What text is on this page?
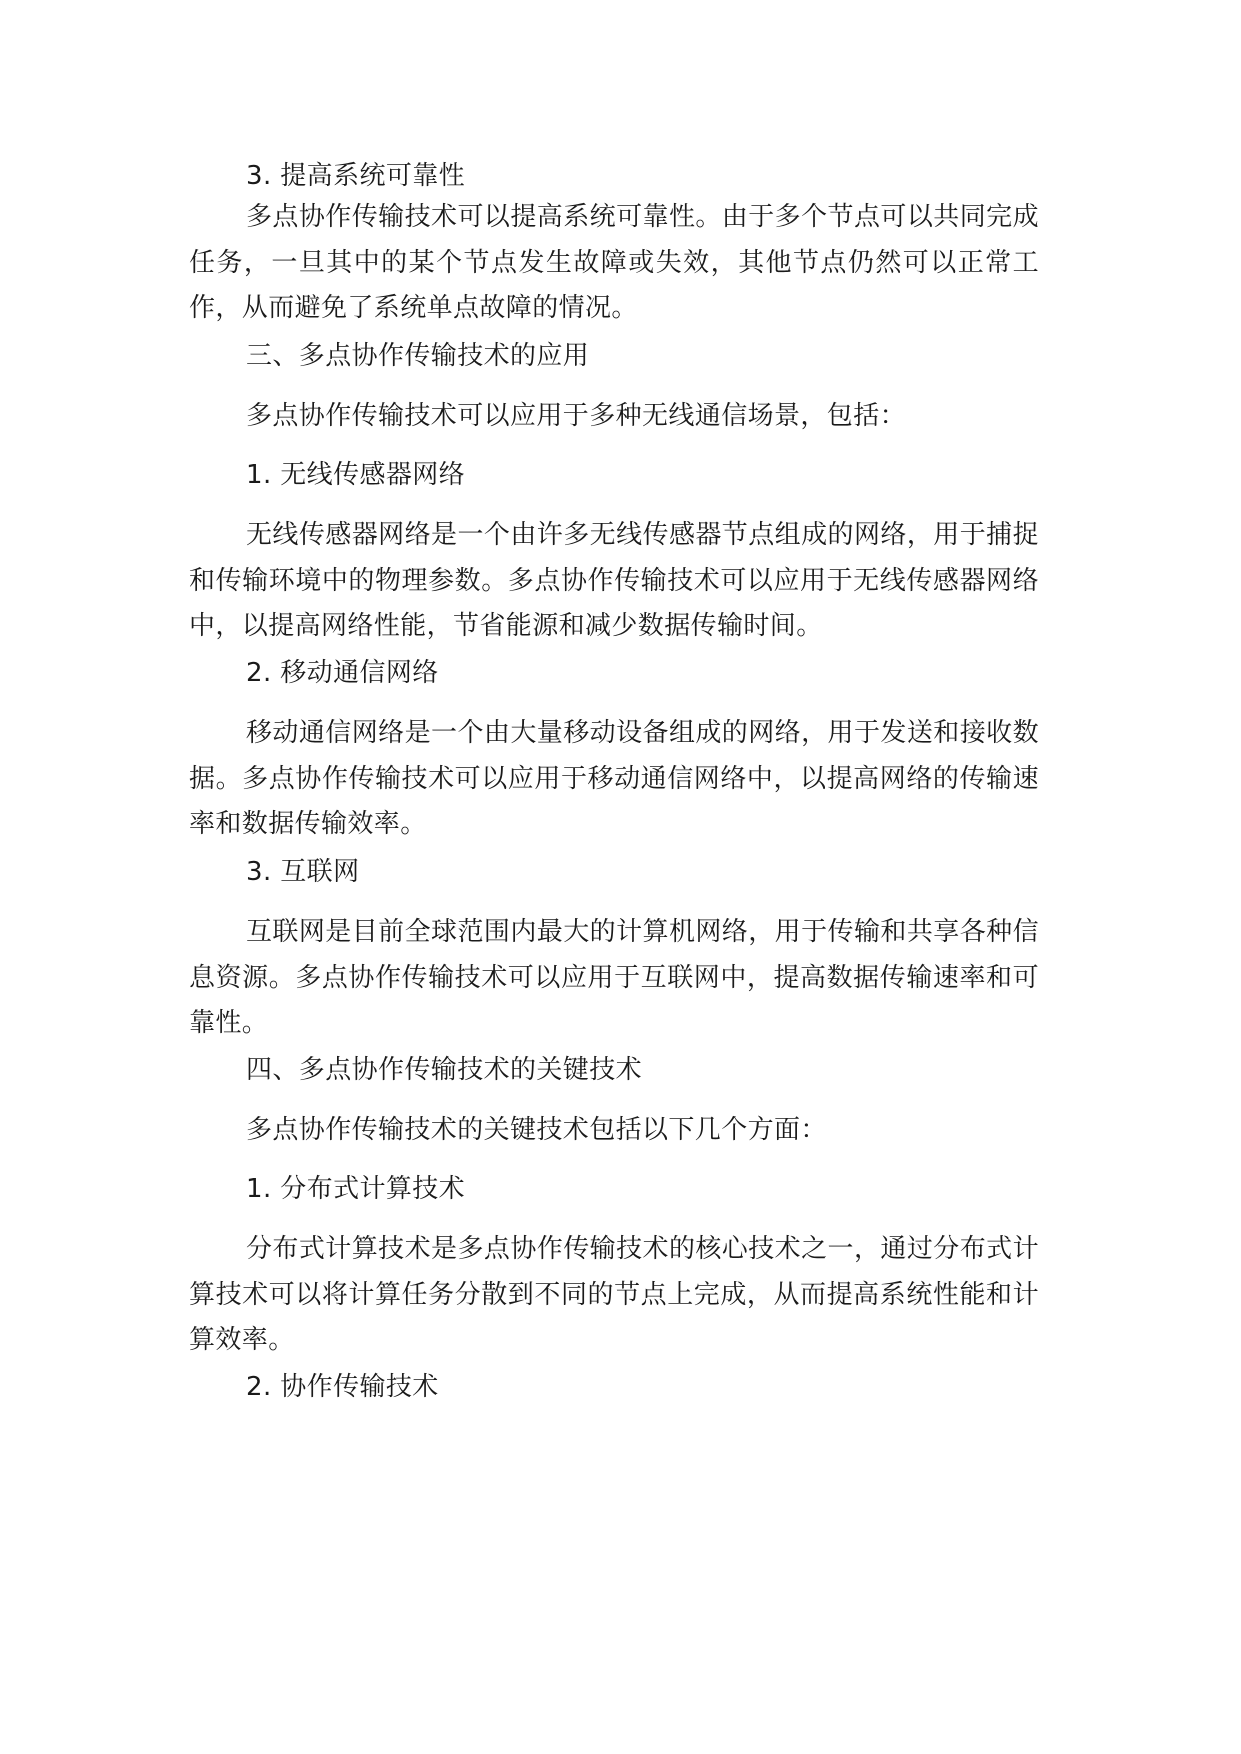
3. 提高系统可靠性
多点协作传输技术可以提高系统可靠性。由于多个节点可以共同完成任务，一旦其中的某个节点发生故障或失效，其他节点仍然可以正常工作，从而避免了系统单点故障的情况。
三、多点协作传输技术的应用
多点协作传输技术可以应用于多种无线通信场景，包括：
1. 无线传感器网络
无线传感器网络是一个由许多无线传感器节点组成的网络，用于捕捉和传输环境中的物理参数。多点协作传输技术可以应用于无线传感器网络中，以提高网络性能，节省能源和减少数据传输时间。
2. 移动通信网络
移动通信网络是一个由大量移动设备组成的网络，用于发送和接收数据。多点协作传输技术可以应用于移动通信网络中，以提高网络的传输速率和数据传输效率。
3. 互联网
互联网是目前全球范围内最大的计算机网络，用于传输和共享各种信息资源。多点协作传输技术可以应用于互联网中，提高数据传输速率和可靠性。
四、多点协作传输技术的关键技术
多点协作传输技术的关键技术包括以下几个方面：
1. 分布式计算技术
分布式计算技术是多点协作传输技术的核心技术之一，通过分布式计算技术可以将计算任务分散到不同的节点上完成，从而提高系统性能和计算效率。
2. 协作传输技术
